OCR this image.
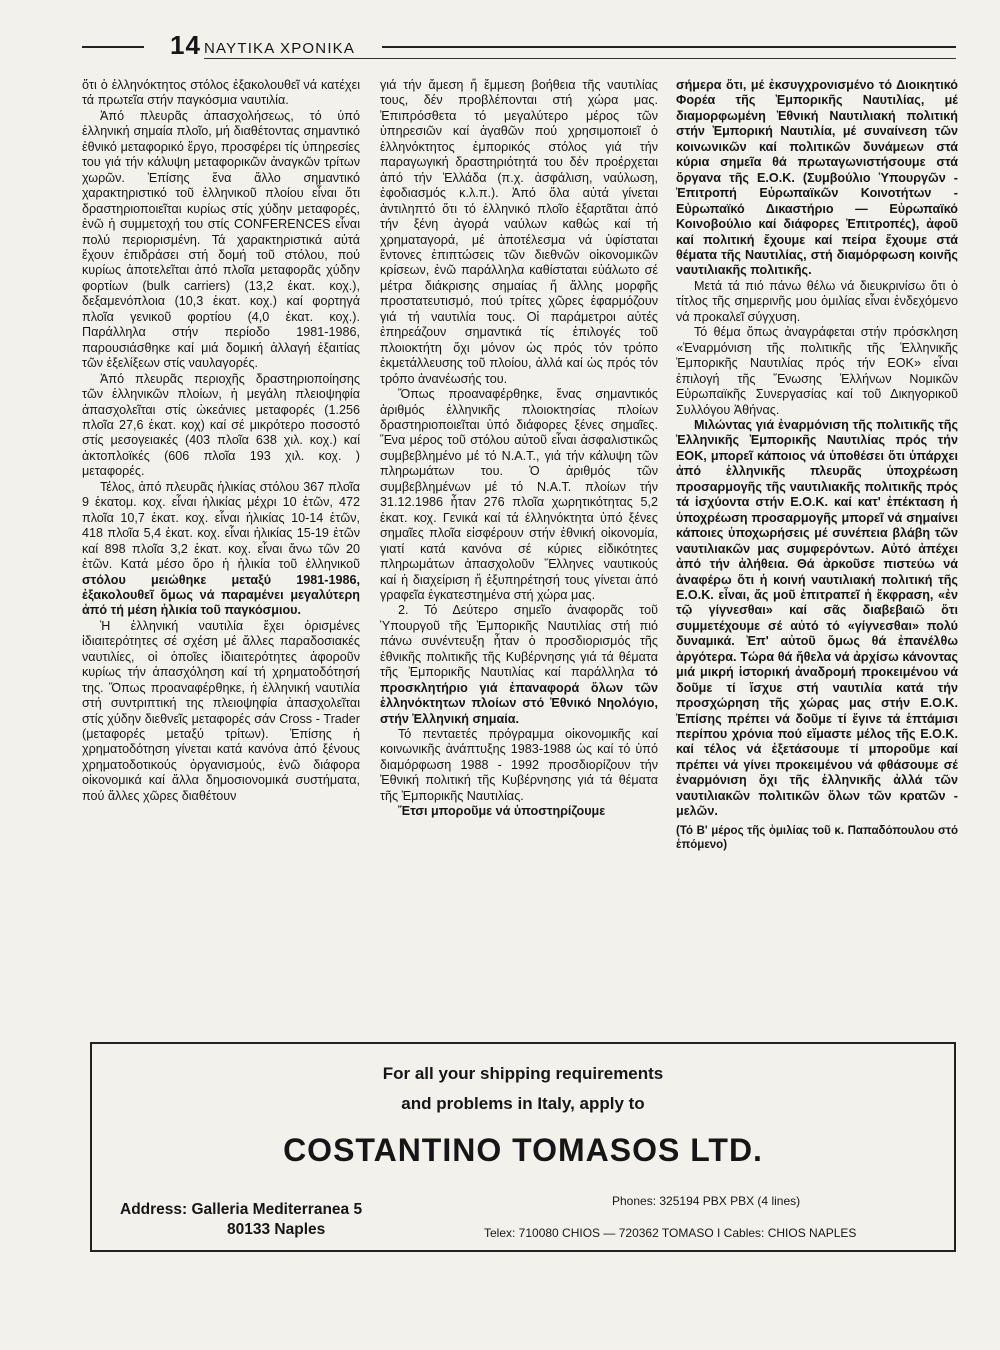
14 ΝΑΥΤΙΚΑ ΧΡΟΝΙΚΑ

ὅτι ὁ ἑλληνόκτητος στόλος ἐξακολουθεῖ νά κατέχει τά πρωτεῖα στήν παγκόσμια ναυτιλία.

Ἀπό πλευρᾶς ἀπασχολήσεως, τό ὑπό ἑλληνική σημαία πλοῖο, μή διαθέτοντας σημαντικό ἐθνικό μεταφορικό ἔργο, προσφέρει τίς ὑπηρεσίες του γιά τήν κάλυψη μεταφορικῶν ἀναγκῶν τρίτων χωρῶν. Ἐπίσης ἕνα ἄλλο σημαντικό χαρακτηριστικό τοῦ ἑλληνικοῦ πλοίου εἶναι ὅτι δραστηριοποιεῖται κυρίως στίς χύδην μεταφορές, ἐνῶ ἡ συμμετοχή του στίς CONFERENCES εἶναι πολύ περιορισμένη. Τά χαρακτηριστικά αὐτά ἔχουν ἐπιδράσει στή δομή τοῦ στόλου, πού κυρίως ἀποτελεῖται ἀπό πλοῖα μεταφορᾶς χύδην φορτίων (bulk carriers) (13,2 ἑκατ. κοχ.), δεξαμενόπλοια (10,3 ἑκατ. κοχ.) καί φορτηγά πλοῖα γενικοῦ φορτίου (4,0 ἑκατ. κοχ.). Παράλληλα στήν περίοδο 1981-1986, παρουσιάσθηκε καί μιά δομική ἀλλαγή ἐξαιτίας τῶν ἐξελίξεων στίς ναυλαγορές.

Ἀπό πλευρᾶς περιοχῆς δραστηριοποίησης τῶν ἑλληνικῶν πλοίων, ἡ μεγάλη πλειοψηφία ἀπασχολεῖται στίς ὠκεάνιες μεταφορές (1.256 πλοῖα 27,6 ἑκατ. κοχ) καί σέ μικρότερο ποσοστό στίς μεσογειακές (403 πλοῖα 638 χιλ. κοχ.) καί ἀκτοπλοϊκές (606 πλοῖα 193 χιλ. κοχ. ) μεταφορές.

Τέλος, ἀπό πλευρᾶς ἡλικίας στόλου 367 πλοῖα 9 ἑκατομ. κοχ. εἶναι ἡλικίας μέχρι 10 ἐτῶν, 472 πλοῖα 10,7 ἑκατ. κοχ. εἶναι ἡλικίας 10-14 ἐτῶν, 418 πλοῖα 5,4 ἑκατ. κοχ. εἶναι ἡλικίας 15-19 ἐτῶν καί 898 πλοῖα 3,2 ἑκατ. κοχ. εἶναι ἄνω τῶν 20 ἐτῶν. Κατά μέσο ὅρο ἡ ἡλικία τοῦ ἑλληνικοῦ στόλου μειώθηκε μεταξύ 1981-1986, ἐξακολουθεῖ ὅμως νά παραμένει μεγαλύτερη ἀπό τή μέση ἡλικία τοῦ παγκόσμιου.

Ἡ ἑλληνική ναυτιλία ἔχει ὁρισμένες ἰδιαιτερότητες σέ σχέση μέ ἄλλες παραδοσιακές ναυτιλίες, οἱ ὁποῖες ἰδιαιτερότητες ἀφοροῦν κυρίως τήν ἀπασχόληση καί τή χρηματοδότησή της. Ὅπως προαναφέρθηκε, ἡ ἑλληνική ναυτιλία στή συντριπτική της πλειοψηφία ἀπασχολεῖται στίς χύδην διεθνεῖς μεταφορές σάν Cross - Trader (μεταφορές μεταξύ τρίτων). Ἐπίσης ἡ χρηματοδότηση γίνεται κατά κανόνα ἀπό ξένους χρηματοδοτικούς ὀργανισμούς, ἐνῶ διάφορα οἰκονομικά καί ἄλλα δημοσιονομικά συστήματα, πού ἄλλες χῶρες διαθέτουν

γιά τήν ἄμεση ἤ ἔμμεση βοήθεια τῆς ναυτιλίας τους, δέν προβλέπονται στή χώρα μας. Ἐπιπρόσθετα τό μεγαλύτερο μέρος τῶν ὑπηρεσιῶν καί ἀγαθῶν πού χρησιμοποιεῖ ὁ ἑλληνόκτητος ἐμπορικός στόλος γιά τήν παραγωγική δραστηριότητά του δέν προέρχεται ἀπό τήν Ἑλλάδα (π.χ. ἀσφάλιση, ναύλωση, ἐφοδιασμός κ.λ.π.). Ἀπό ὅλα αὐτά γίνεται ἀντιληπτό ὅτι τό ἑλληνικό πλοῖο ἐξαρτᾶται ἀπό τήν ξένη ἀγορά ναύλων καθώς καί τή χρηματαγορά, μέ ἀποτέλεσμα νά ὑφίσταται ἔντονες ἐπιπτώσεις τῶν διεθνῶν οἰκονομικῶν κρίσεων, ἐνῶ παράλληλα καθίσταται εὐάλωτο σέ μέτρα διάκρισης σημαίας ἤ ἄλλης μορφῆς προστατευτισμό, πού τρίτες χῶρες ἐφαρμόζουν γιά τή ναυτιλία τους. Οἱ παράμετροι αὐτές ἐπηρεάζουν σημαντικά τίς ἐπιλογές τοῦ πλοιοκτήτη ὄχι μόνον ὡς πρός τόν τρόπο ἐκμετάλλευσης τοῦ πλοίου, ἀλλά καί ὡς πρός τόν τρόπο ἀνανέωσής του.

Ὅπως προαναφέρθηκε, ἕνας σημαντικός ἀριθμός ἑλληνικῆς πλοιοκτησίας πλοίων δραστηριοποιεῖται ὑπό διάφορες ξένες σημαῖες. Ἕνα μέρος τοῦ στόλου αὐτοῦ εἶναι ἀσφαλιστικῶς συμβεβλημένο μέ τό Ν.Α.Τ., γιά τήν κάλυψη τῶν πληρωμάτων του. Ὁ ἀριθμός τῶν συμβεβλημένων μέ τό Ν.Α.Τ. πλοίων τήν 31.12.1986 ἦταν 276 πλοῖα χωρητικότητας 5,2 ἑκατ. κοχ. Γενικά καί τά ἑλληνόκτητα ὑπό ξένες σημαῖες πλοῖα εἰσφέρουν στήν ἐθνική οἰκονομία, γιατί κατά κανόνα σέ κύριες εἰδικότητες πληρωμάτων ἀπασχολοῦν Ἕλληνες ναυτικούς καί ἡ διαχείριση ἤ ἐξυπηρέτησή τους γίνεται ἀπό γραφεῖα ἐγκατεστημένα στή χώρα μας.

2. Τό Δεύτερο σημεῖο ἀναφορᾶς τοῦ Ὑπουργοῦ τῆς Ἐμπορικῆς Ναυτιλίας στή πιό πάνω συνέντευξη ἦταν ὁ προσδιορισμός τῆς ἐθνικῆς πολιτικῆς τῆς Κυβέρνησης γιά τά θέματα τῆς Ἐμπορικῆς Ναυτιλίας καί παράλληλα τό προσκλητήριο γιά ἐπαναφορά ὅλων τῶν ἑλληνόκτητων πλοίων στό Ἐθνικό Νηολόγιο, στήν Ἑλληνική σημαία.

Τό πενταετές πρόγραμμα οἰκονομικῆς καί κοινωνικῆς ἀνάπτυξης 1983-1988 ὡς καί τό ὑπό διαμόρφωση 1988 - 1992 προσδιορίζουν τήν Ἐθνική πολιτική τῆς Κυβέρνησης γιά τά θέματα τῆς Ἐμπορικῆς Ναυτιλίας.

Ἔτσι μποροῦμε νά ὑποστηρίζουμε

σήμερα ὅτι, μέ ἐκσυγχρονισμένο τό Διοικητικό Φορέα τῆς Ἐμπορικῆς Ναυτιλίας, μέ διαμορφωμένη Ἐθνική Ναυτιλιακή πολιτική στήν Ἐμπορική Ναυτιλία, μέ συναίνεση τῶν κοινωνικῶν καί πολιτικῶν δυνάμεων στά κύρια σημεῖα θά πρωταγωνιστήσουμε στά ὄργανα τῆς Ε.Ο.Κ. (Συμβούλιο Ὑπουργῶν - Ἐπιτροπή Εὐρωπαϊκῶν Κοινοτήτων - Εὐρωπαϊκό Δικαστήριο — Εὐρωπαϊκό Κοινοβούλιο καί διάφορες Ἐπιτροπές), ἀφοῦ καί πολιτική ἔχουμε καί πείρα ἔχουμε στά θέματα τῆς Ναυτιλίας, στή διαμόρφωση κοινῆς ναυτιλιακῆς πολιτικῆς.

Μετά τά πιό πάνω θέλω νά διευκρινίσω ὅτι ὁ τίτλος τῆς σημερινῆς μου ὁμιλίας εἶναι ἐνδεχόμενο νά προκαλεῖ σύγχυση.

Τό θέμα ὅπως ἀναγράφεται στήν πρόσκληση «Ἐναρμόνιση τῆς πολιτικῆς τῆς Ἑλληνικῆς Ἐμπορικῆς Ναυτιλίας πρός τήν ΕΟΚ» εἶναι ἐπιλογή τῆς Ἕνωσης Ἑλλήνων Νομικῶν Εὐρωπαϊκῆς Συνεργασίας καί τοῦ Δικηγορικοῦ Συλλόγου Ἀθήνας.

Μιλώντας γιά ἐναρμόνιση τῆς πολιτικῆς τῆς Ἑλληνικῆς Ἐμπορικῆς Ναυτιλίας πρός τήν ΕΟΚ, μπορεῖ κάποιος νά ὑποθέσει ὅτι ὑπάρχει ἀπό ἑλληνικῆς πλευρᾶς ὑποχρέωση προσαρμογῆς τῆς ναυτιλιακῆς πολιτικῆς πρός τά ἰσχύοντα στήν Ε.Ο.Κ. καί κατ' ἐπέκταση ἡ ὑποχρέωση προσαρμογῆς μπορεῖ νά σημαίνει κάποιες ὑποχωρήσεις μέ συνέπεια βλάβη τῶν ναυτιλιακῶν μας συμφερόντων. Αὐτό ἀπέχει ἀπό τήν ἀλήθεια. Θά ἀρκοῦσε πιστεύω νά ἀναφέρω ὅτι ἡ κοινή ναυτιλιακή πολιτική τῆς Ε.Ο.Κ. εἶναι, ἄς μοῦ ἐπιτραπεῖ ἡ ἔκφραση, «ἐν τῷ γίγνεσθαι» καί σᾶς διαβεβαιῶ ὅτι συμμετέχουμε σέ αὐτό τό «γίγνεσθαι» πολύ δυναμικά. Ἐπ' αὐτοῦ ὅμως θά ἐπανέλθω ἀργότερα. Τώρα θά ἤθελα νά ἀρχίσω κάνοντας μιά μικρή ἱστορική ἀναδρομή προκειμένου νά δοῦμε τί ἴσχυε στή ναυτιλία κατά τήν προσχώρηση τῆς χώρας μας στήν Ε.Ο.Κ. Ἐπίσης πρέπει νά δοῦμε τί ἔγινε τά ἑπτάμισι περίπου χρόνια πού εἴμαστε μέλος τῆς Ε.Ο.Κ. καί τέλος νά ἐξετάσουμε τί μποροῦμε καί πρέπει νά γίνει προκειμένου νά φθάσουμε σέ ἐναρμόνιση ὄχι τῆς ἑλληνικῆς ἀλλά τῶν ναυτιλιακῶν πολιτικῶν ὅλων τῶν κρατῶν - μελῶν.

(Τό Β' μέρος τῆς ὁμιλίας τοῦ κ. Παπαδόπουλου στό ἑπόμενο)

For all your shipping requirements
and problems in Italy, apply to
COSTANTINO TOMASOS LTD.
Address: Galleria Mediterranea 5
80133 Naples
Phones: 325194 PBX PBX (4 lines)
Telex: 710080 CHIOS — 720362 TOMASO I Cables: CHIOS NAPLES
